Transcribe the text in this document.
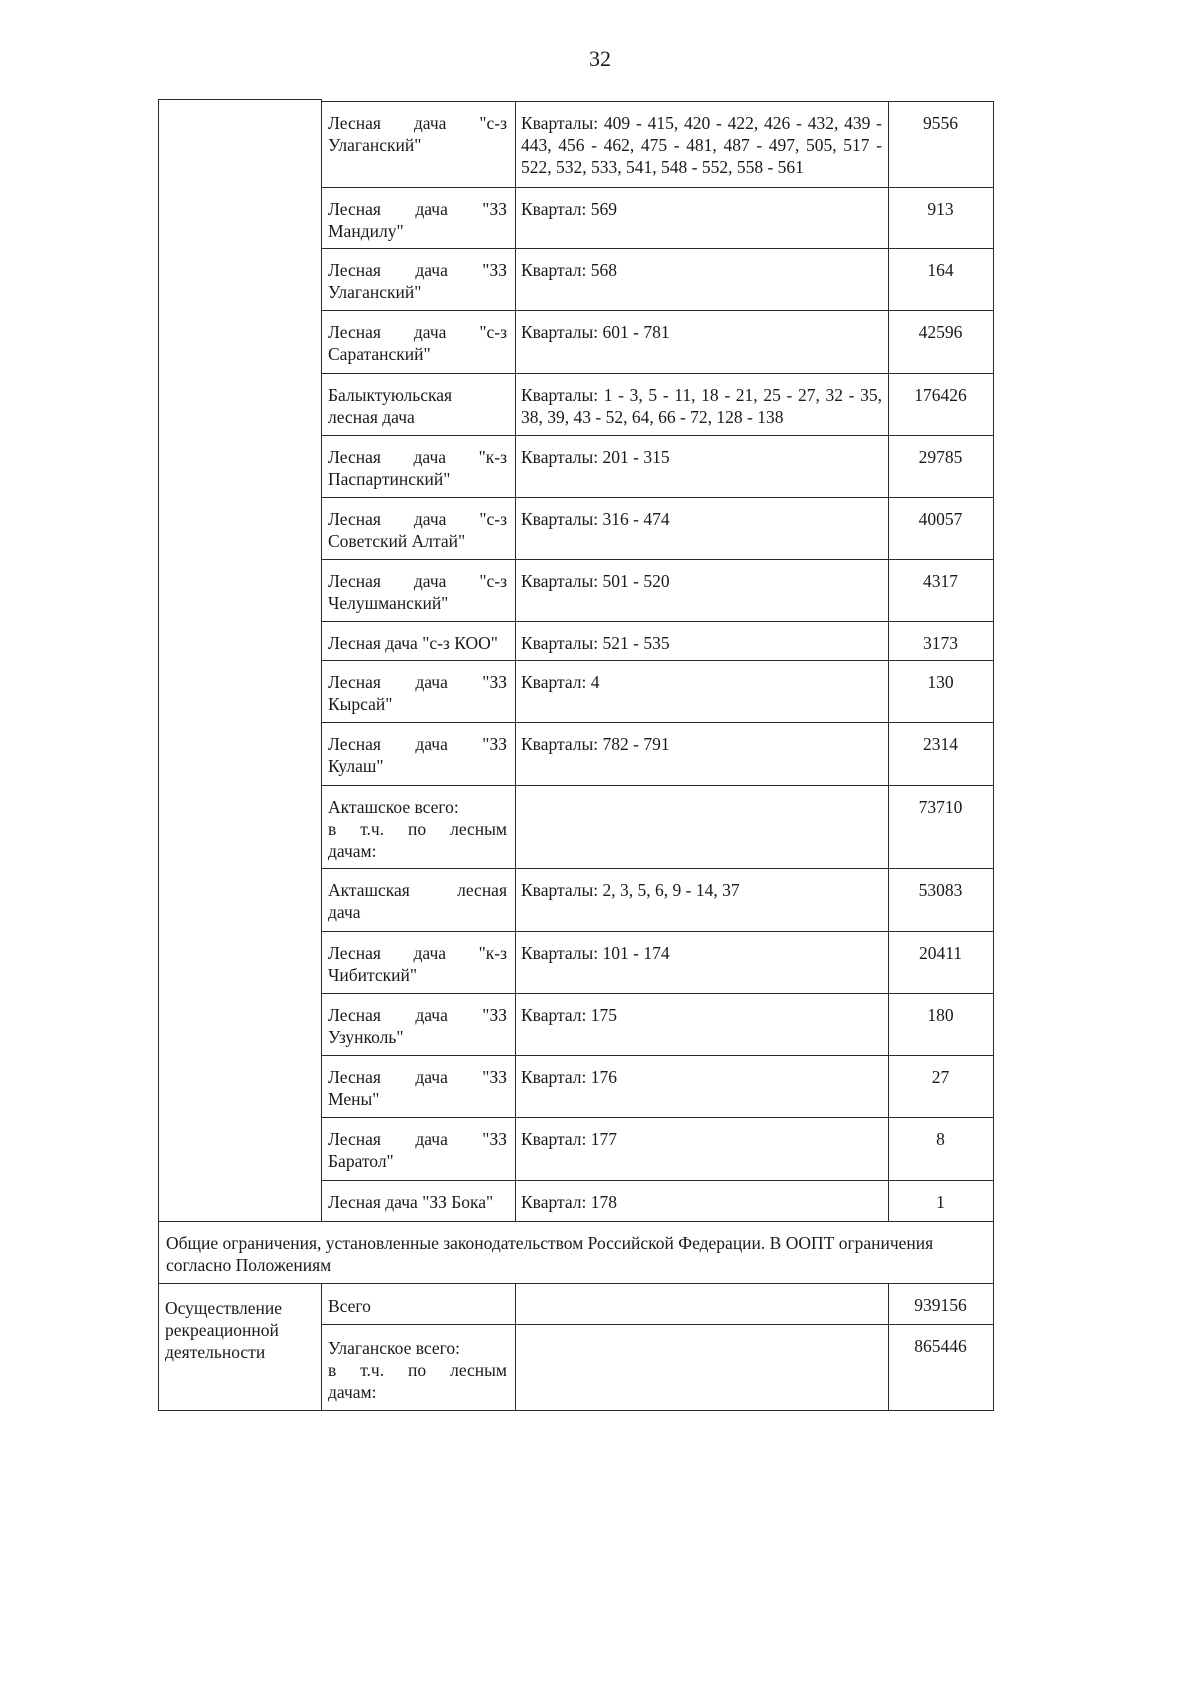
32
Лесная дача "с-з
Улаганский"
Кварталы: 409 - 415, 420 - 422, 426 - 432, 439 - 443, 456 - 462, 475 - 481, 487 - 497, 505, 517 - 522, 532, 533, 541, 548 - 552, 558 - 561
9556
Лесная дача "ЗЗ
Мандилу"
Квартал: 569	913
Лесная дача "ЗЗ
Улаганский"
Квартал: 568	164
Лесная дача "с-з
Саратанский"
Кварталы: 601 - 781	42596
Балыктуюльская
лесная дача
Кварталы: 1 - 3, 5 - 11, 18 - 21, 25 - 27, 32 - 35, 38, 39, 43 - 52, 64, 66 - 72, 128 - 138
176426
Лесная дача "к-з
Паспартинский"
Кварталы: 201 - 315	29785
Лесная дача "с-з
Советский Алтай"
Кварталы: 316 - 474	40057
Лесная дача "с-з
Челушманский"
Кварталы: 501 - 520	4317
Лесная дача "с-з КОО"	Кварталы: 521 - 535	3173
Лесная дача "ЗЗ
Кырсай"
Квартал: 4	130
Лесная дача "ЗЗ
Кулаш"
Кварталы: 782 - 791	2314
Акташское всего:
в т.ч. по лесным
дачам:
73710
Акташская	лесная
дача
Кварталы: 2, 3, 5, 6, 9 - 14, 37	53083
Лесная дача "к-з
Чибитский"
Кварталы: 101 - 174	20411
Лесная дача "ЗЗ
Узунколь"
Квартал: 175	180
Лесная дача "ЗЗ
Мены"
Квартал: 176	27
Лесная дача "ЗЗ
Баратол"
Квартал: 177	8
Лесная дача "ЗЗ Бока"	Квартал: 178	1
Общие ограничения, установленные законодательством Российской Федерации. В ООПТ ограничения согласно Положениям
Осуществление рекреационной деятельности
Всего	939156
Улаганское всего:
в т.ч. по лесным
дачам:
865446
